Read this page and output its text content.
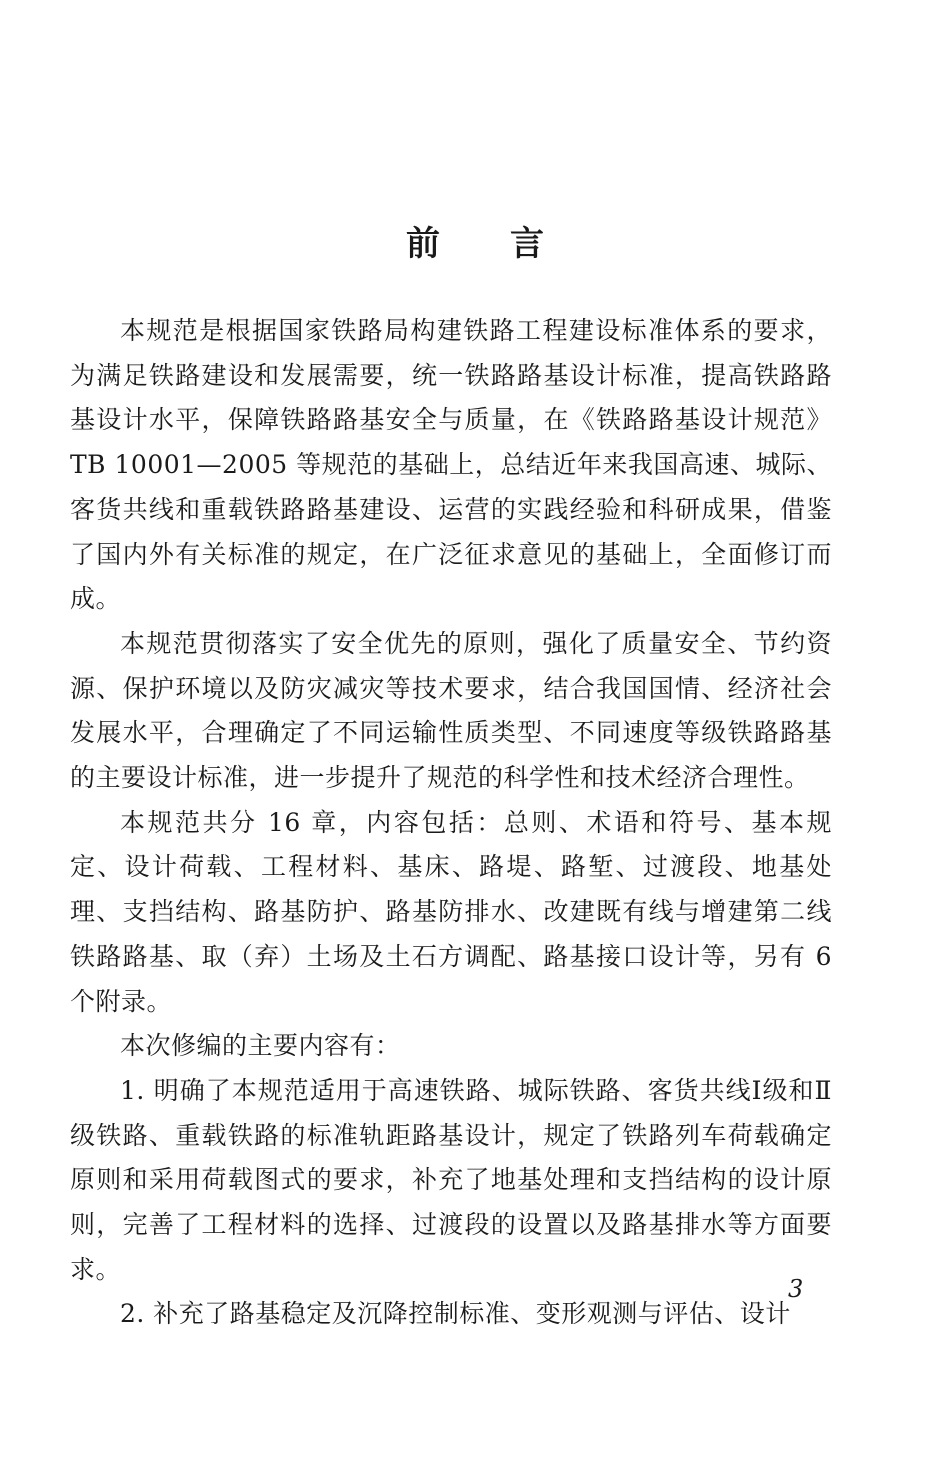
前言

本规范是根据国家铁路局构建铁路工程建设标准体系的要求，为满足铁路建设和发展需要，统一铁路路基设计标准，提高铁路路基设计水平，保障铁路路基安全与质量，在《铁路路基设计规范》TB 10001—2005 等规范的基础上，总结近年来我国高速、城际、客货共线和重载铁路路基建设、运营的实践经验和科研成果，借鉴了国内外有关标准的规定，在广泛征求意见的基础上，全面修订而成。

本规范贯彻落实了安全优先的原则，强化了质量安全、节约资源、保护环境以及防灾减灾等技术要求，结合我国国情、经济社会发展水平，合理确定了不同运输性质类型、不同速度等级铁路路基的主要设计标准，进一步提升了规范的科学性和技术经济合理性。

本规范共分 16 章，内容包括：总则、术语和符号、基本规定、设计荷载、工程材料、基床、路堤、路堑、过渡段、地基处理、支挡结构、路基防护、路基防排水、改建既有线与增建第二线铁路路基、取（弃）土场及土石方调配、路基接口设计等，另有 6 个附录。

本次修编的主要内容有：

1. 明确了本规范适用于高速铁路、城际铁路、客货共线Ⅰ级和Ⅱ级铁路、重载铁路的标准轨距路基设计，规定了铁路列车荷载确定原则和采用荷载图式的要求，补充了地基处理和支挡结构的设计原则，完善了工程材料的选择、过渡段的设置以及路基排水等方面要求。

2. 补充了路基稳定及沉降控制标准、变形观测与评估、设计

3
